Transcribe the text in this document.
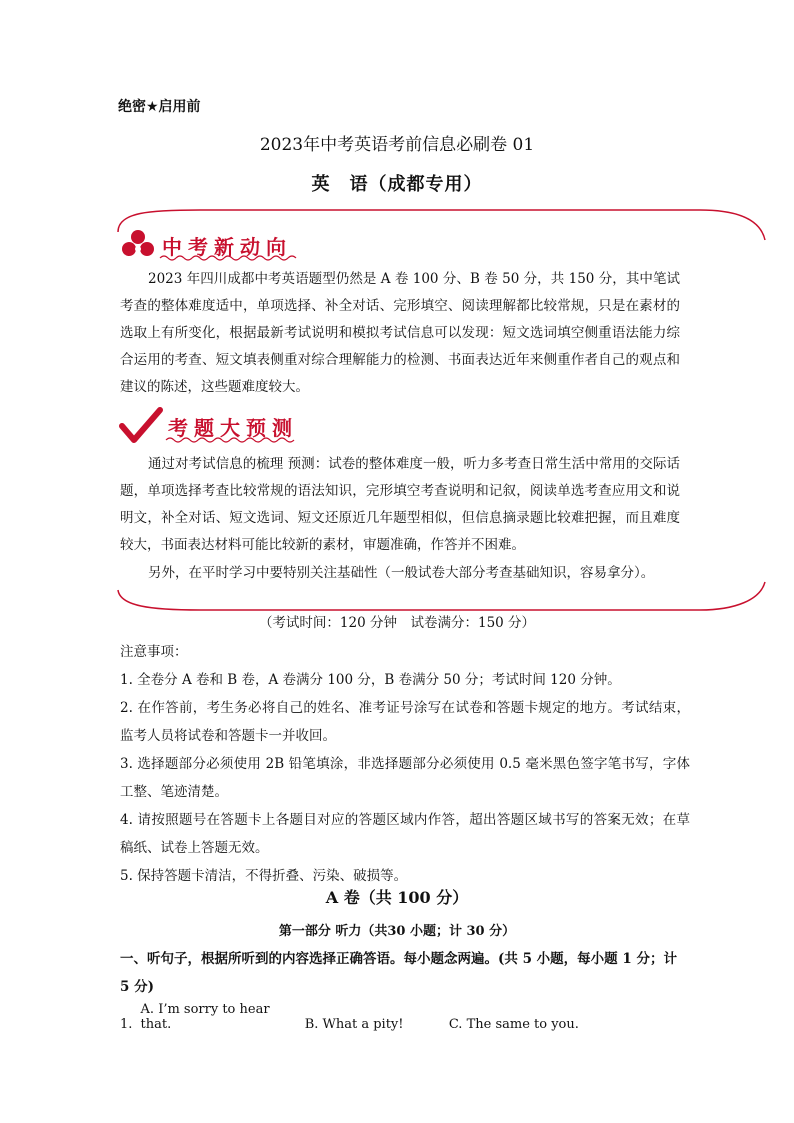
绝密★启用前
2023年中考英语考前信息必刷卷 01
英　语（成都专用）
中考新动向
2023 年四川成都中考英语题型仍然是 A 卷 100 分、B 卷 50 分，共 150 分，其中笔试考查的整体难度适中，单项选择、补全对话、完形填空、阅读理解都比较常规，只是在素材的选取上有所变化，根据最新考试说明和模拟考试信息可以发现：短文选词填空侧重语法能力综合运用的考查、短文填表侧重对综合理解能力的检测、书面表达近年来侧重作者自己的观点和建议的陈述，这些题难度较大。
考题大预测
通过对考试信息的梳理 预测：试卷的整体难度一般，听力多考查日常生活中常用的交际话题，单项选择考查比较常规的语法知识，完形填空考查说明和记叙，阅读单选考查应用文和说明文，补全对话、短文选词、短文还原近几年题型相似，但信息摘录题比较难把握，而且难度较大，书面表达材料可能比较新的素材，审题准确，作答并不困难。
另外，在平时学习中要特别关注基础性（一般试卷大部分考查基础知识，容易拿分）。
（考试时间：120 分钟　试卷满分：150 分）
注意事项：
1. 全卷分 A 卷和 B 卷，A 卷满分 100 分，B 卷满分 50 分；考试时间 120 分钟。
2. 在作答前，考生务必将自己的姓名、准考证号涂写在试卷和答题卡规定的地方。考试结束，监考人员将试卷和答题卡一并收回。
3. 选择题部分必须使用 2B 铅笔填涂，非选择题部分必须使用 0.5 毫米黑色签字笔书写，字体工整、笔迹清楚。
4. 请按照题号在答题卡上各题目对应的答题区域内作答，超出答题区域书写的答案无效；在草稿纸、试卷上答题无效。
5. 保持答题卡清洁，不得折叠、污染、破损等。
A 卷（共 100 分）
第一部分 听力（共30 小题；计 30 分）
一、听句子，根据所听到的内容选择正确答语。每小题念两遍。(共 5 小题，每小题 1 分；计 5 分)
1. A. I’m sorry to hear that.	B. What a pity!	C. The same to you.
